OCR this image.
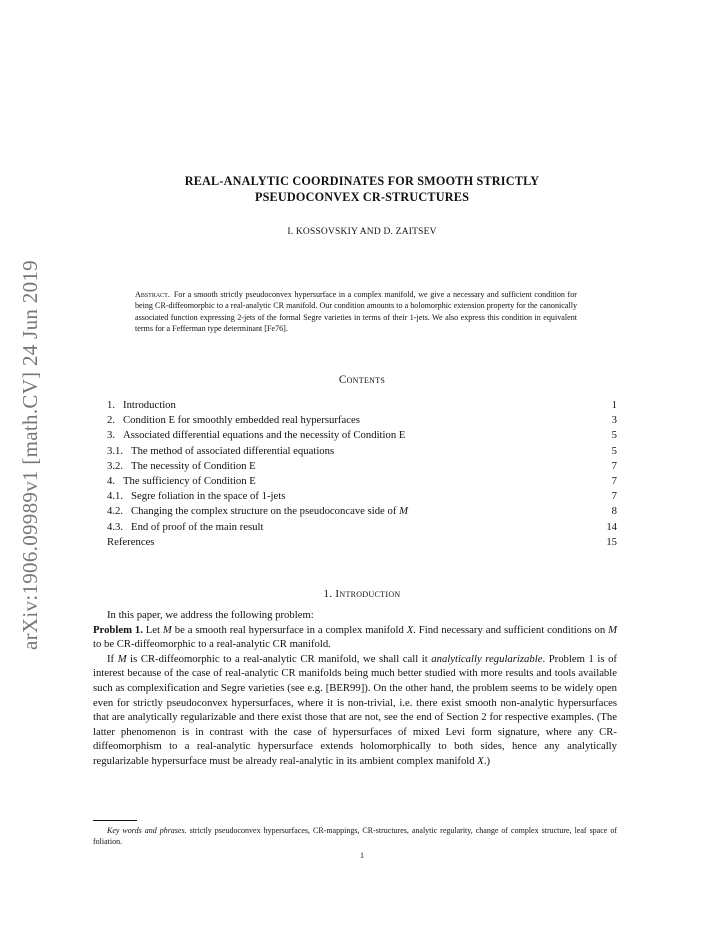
arXiv:1906.09989v1 [math.CV] 24 Jun 2019
REAL-ANALYTIC COORDINATES FOR SMOOTH STRICTLY
PSEUDOCONVEX CR-STRUCTURES
I. KOSSOVSKIY AND D. ZAITSEV
Abstract. For a smooth strictly pseudoconvex hypersurface in a complex manifold, we give a necessary and sufficient condition for being CR-diffeomorphic to a real-analytic CR manifold. Our condition amounts to a holomorphic extension property for the canonically associated function expressing 2-jets of the formal Segre varieties in terms of their 1-jets. We also express this condition in equivalent terms for a Fefferman type determinant [Fe76].
Contents
1. Introduction	1
2. Condition E for smoothly embedded real hypersurfaces	3
3. Associated differential equations and the necessity of Condition E	5
3.1. The method of associated differential equations	5
3.2. The necessity of Condition E	7
4. The sufficiency of Condition E	7
4.1. Segre foliation in the space of 1-jets	7
4.2. Changing the complex structure on the pseudoconcave side of M	8
4.3. End of proof of the main result	14
References	15
1. Introduction

In this paper, we address the following problem:

Problem 1. Let M be a smooth real hypersurface in a complex manifold X. Find necessary and sufficient conditions on M to be CR-diffeomorphic to a real-analytic CR manifold.

If M is CR-diffeomorphic to a real-analytic CR manifold, we shall call it analytically regularizable. Problem 1 is of interest because of the case of real-analytic CR manifolds being much better studied with more results and tools available such as complexification and Segre varieties (see e.g. [BER99]). On the other hand, the problem seems to be widely open even for strictly pseudoconvex hypersurfaces, where it is non-trivial, i.e. there exist smooth non-analytic hypersurfaces that are analytically regularizable and there exist those that are not, see the end of Section 2 for respective examples. (The latter phenomenon is in contrast with the case of hypersurfaces of mixed Levi form signature, where any CR-diffeomorphism to a real-analytic hypersurface extends holomorphically to both sides, hence any analytically regularizable hypersurface must be already real-analytic in its ambient complex manifold X.)

Key words and phrases. strictly pseudoconvex hypersurfaces, CR-mappings, CR-structures, analytic regularity, change of complex structure, leaf space of foliation.
1
